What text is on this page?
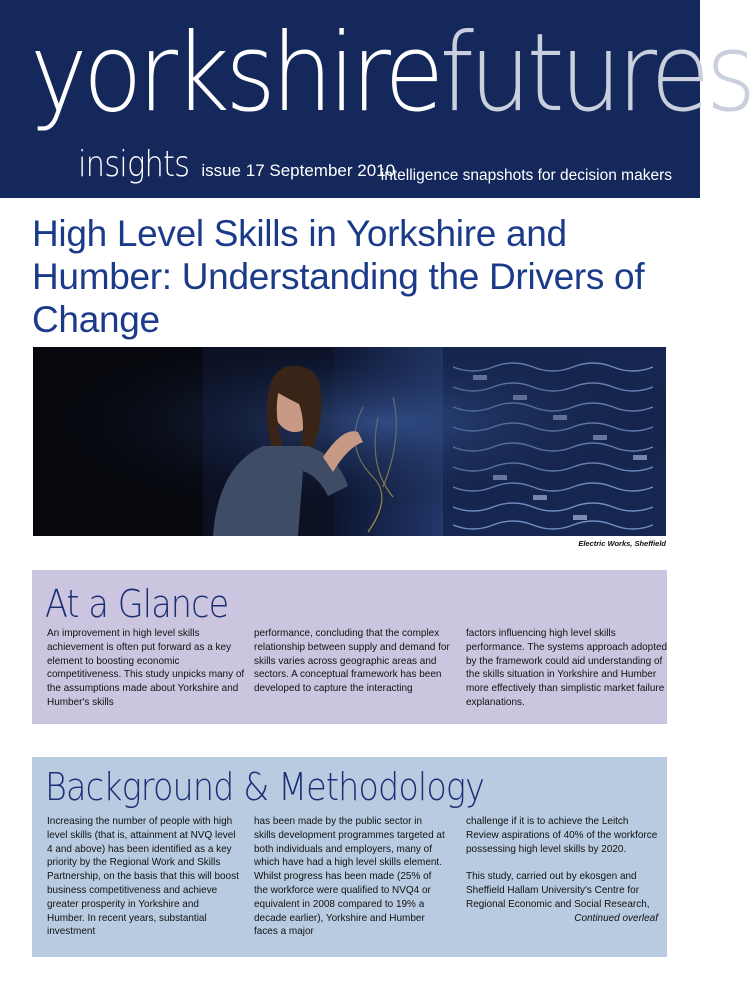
yorkshirefutures
insights issue 17 September 2010
intelligence snapshots for decision makers
High Level Skills in Yorkshire and Humber: Understanding the Drivers of Change
Electric Works, Sheffield
At a Glance

An improvement in high level skills achievement is often put forward as a key element to boosting economic competitiveness. This study unpicks many of the assumptions made about Yorkshire and Humber's skills

performance, concluding that the complex relationship between supply and demand for skills varies across geographic areas and sectors. A conceptual framework has been developed to capture the interacting

factors influencing high level skills performance. The systems approach adopted by the framework could aid understanding of the skills situation in Yorkshire and Humber more effectively than simplistic market failure explanations.

Background & Methodology

Increasing the number of people with high level skills (that is, attainment at NVQ level 4 and above) has been identified as a key priority by the Regional Work and Skills Partnership, on the basis that this will boost business competitiveness and achieve greater prosperity in Yorkshire and Humber. In recent years, substantial investment

has been made by the public sector in skills development programmes targeted at both individuals and employers, many of which have had a high level skills element. Whilst progress has been made (25% of the workforce were qualified to NVQ4 or equivalent in 2008 compared to 19% a decade earlier), Yorkshire and Humber faces a major

challenge if it is to achieve the Leitch Review aspirations of 40% of the workforce possessing high level skills by 2020.

This study, carried out by ekosgen and Sheffield Hallam University's Centre for Regional Economic and Social Research,

Continued overleaf
